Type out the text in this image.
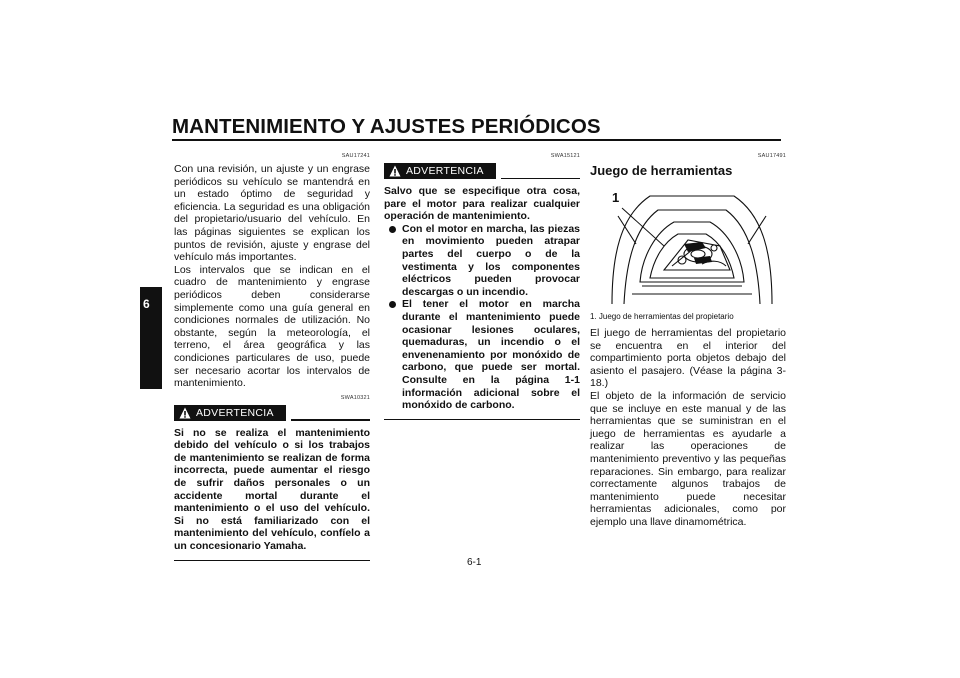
MANTENIMIENTO Y AJUSTES PERIÓDICOS
6
SAU17241

Con una revisión, un ajuste y un engrase periódicos su vehículo se mantendrá en un estado óptimo de seguridad y eficiencia. La seguridad es una obligación del propietario/usuario del vehículo. En las páginas siguientes se explican los puntos de revisión, ajuste y engrase del vehículo más importantes.

Los intervalos que se indican en el cuadro de mantenimiento y engrase periódicos deben considerarse simplemente como una guía general en condiciones normales de utilización. No obstante, según la meteorología, el terreno, el área geográfica y las condiciones particulares de uso, puede ser necesario acortar los intervalos de mantenimiento.

SWA10321
ADVERTENCIA

Si no se realiza el mantenimiento debido del vehículo o si los trabajos de mantenimiento se realizan de forma incorrecta, puede aumentar el riesgo de sufrir daños personales o un accidente mortal durante el mantenimiento o el uso del vehículo. Si no está familiarizado con el mantenimiento del vehículo, confíelo a un concesionario Yamaha.

SWA15121
ADVERTENCIA

Salvo que se especifique otra cosa, pare el motor para realizar cualquier operación de mantenimiento.

Con el motor en marcha, las piezas en movimiento pueden atrapar partes del cuerpo o de la vestimenta y los componentes eléctricos pueden provocar descargas o un incendio.
El tener el motor en marcha durante el mantenimiento puede ocasionar lesiones oculares, quemaduras, un incendio o el envenenamiento por monóxido de carbono, que puede ser mortal. Consulte en la página 1-1 información adicional sobre el monóxido de carbono.
SAU17491
Juego de herramientas
1

1. Juego de herramientas del propietario

El juego de herramientas del propietario se encuentra en el interior del compartimiento porta objetos debajo del asiento el pasajero. (Véase la página 3-18.)

El objeto de la información de servicio que se incluye en este manual y de las herramientas que se suministran en el juego de herramientas es ayudarle a realizar las operaciones de mantenimiento preventivo y las pequeñas reparaciones. Sin embargo, para realizar correctamente algunos trabajos de mantenimiento puede necesitar herramientas adicionales, como por ejemplo una llave dinamométrica.

6-1
